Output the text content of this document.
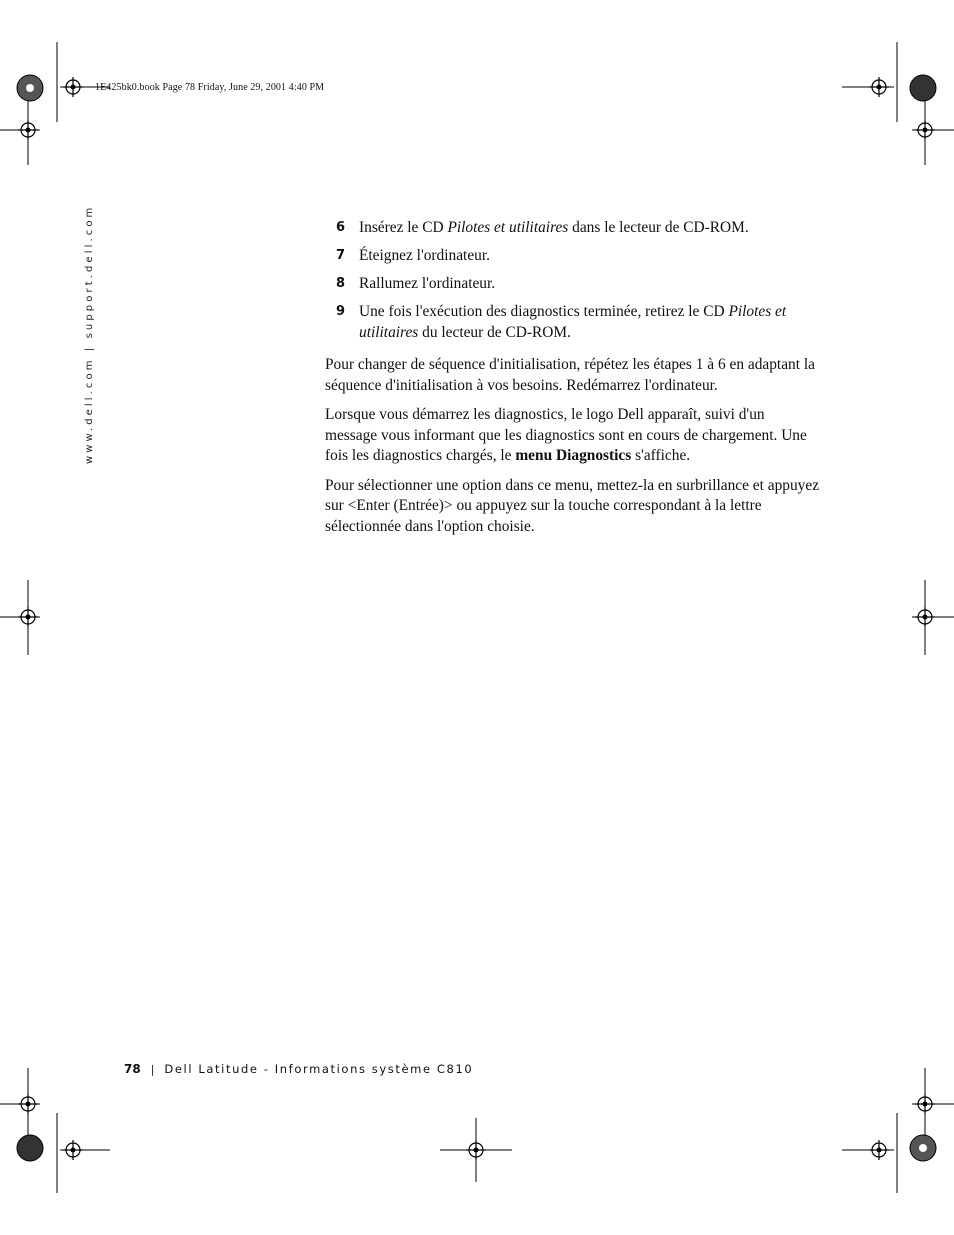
1E425bk0.book Page 78 Friday, June 29, 2001 4:40 PM
www.dell.com | support.dell.com	6 Insérez le CD Pilotes et utilitaires dans le lecteur de CD-ROM.
7 Éteignez l'ordinateur.
8 Rallumez l'ordinateur.
9 Une fois l'exécution des diagnostics terminée, retirez le CD Pilotes et utilitaires du lecteur de CD-ROM.

Pour changer de séquence d'initialisation, répétez les étapes 1 à 6 en adaptant la séquence d'initialisation à vos besoins. Redémarrez l'ordinateur.

Lorsque vous démarrez les diagnostics, le logo Dell apparaît, suivi d'un message vous informant que les diagnostics sont en cours de chargement. Une fois les diagnostics chargés, le menu Diagnostics s'affiche.

Pour sélectionner une option dans ce menu, mettez-la en surbrillance et appuyez sur <Enter (Entrée)> ou appuyez sur la touche correspondant à la lettre sélectionnée dans l'option choisie.

78 | Dell Latitude - Informations système C810
